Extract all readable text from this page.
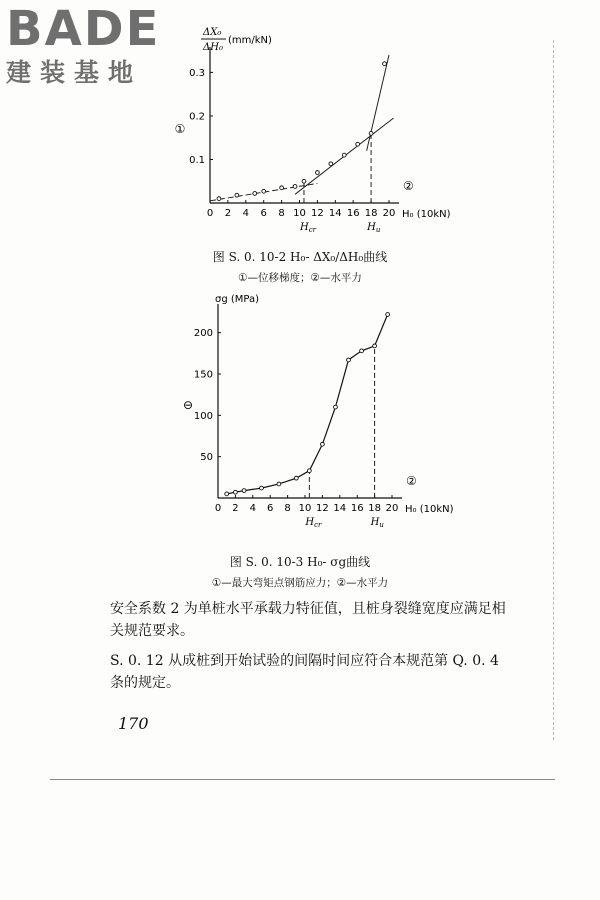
BADE
建装基地
0 2 4 6 8 10 12 14 16 18 20
0.1
0.2
0.3
H₀ (10kN)
ΔX₀
ΔH₀
(mm/kN)
①
②
$H_{cr}$	$H_u$
图 S. 0. 10-2 H₀- ΔX₀/ΔH₀曲线
①—位移梯度；②—水平力
0 2 4 6 8 10 12 14 16 18 20
50
100
150
200
H₀ (10kN)
σg (MPa)
⊖
②
$H_{cr}$	$H_u$
图 S. 0. 10-3 H₀- σg曲线
①—最大弯矩点钢筋应力；②—水平力
安全系数 2 为单桩水平承载力特征值，且桩身裂缝宽度应满足相
关规范要求。
S. 0. 12 从成桩到开始试验的间隔时间应符合本规范第 Q. 0. 4
条的规定。
170
